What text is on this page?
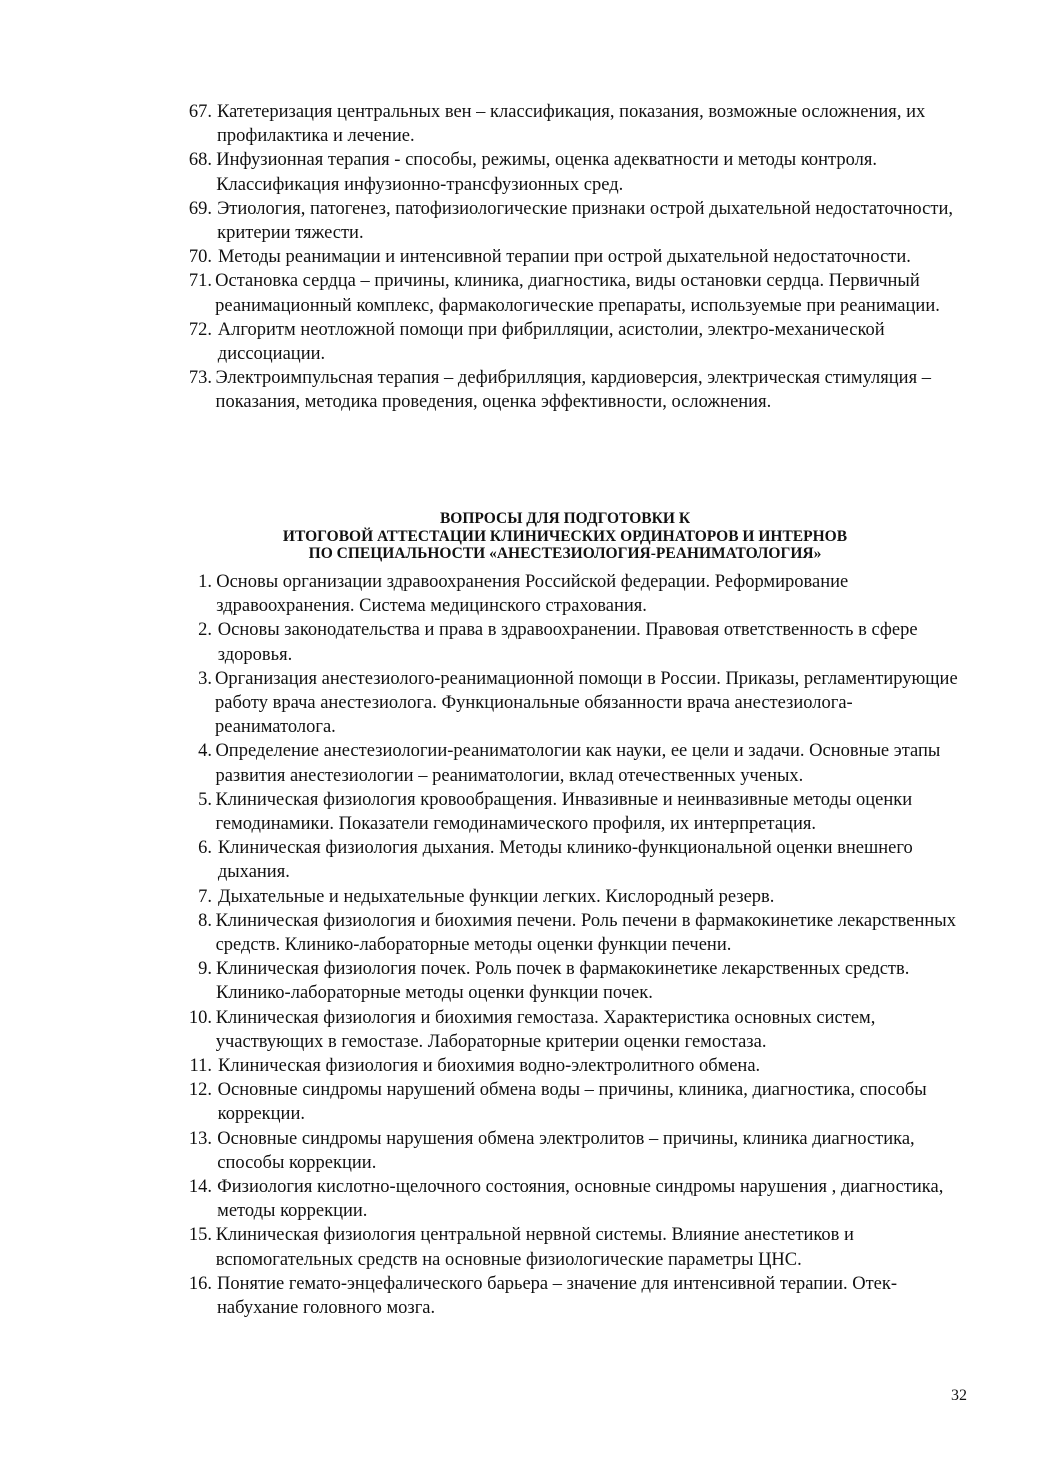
67. Катетеризация центральных вен – классификация, показания, возможные осложнения, их профилактика и лечение.
68. Инфузионная терапия - способы, режимы, оценка адекватности и методы контроля. Классификация инфузионно-трансфузионных сред.
69. Этиология, патогенез, патофизиологические признаки острой дыхательной недостаточности, критерии тяжести.
70. Методы реанимации и интенсивной терапии при острой дыхательной недостаточности.
71. Остановка сердца – причины, клиника, диагностика, виды остановки сердца. Первичный реанимационный комплекс, фармакологические препараты, используемые при реанимации.
72. Алгоритм неотложной помощи при фибрилляции, асистолии, электро-механической диссоциации.
73. Электроимпульсная терапия – дефибрилляция, кардиоверсия, электрическая стимуляция – показания, методика проведения, оценка эффективности, осложнения.
ВОПРОСЫ ДЛЯ ПОДГОТОВКИ К
ИТОГОВОЙ АТТЕСТАЦИИ КЛИНИЧЕСКИХ ОРДИНАТОРОВ И ИНТЕРНОВ
ПО СПЕЦИАЛЬНОСТИ «АНЕСТЕЗИОЛОГИЯ-РЕАНИМАТОЛОГИЯ»
1. Основы организации здравоохранения Российской федерации. Реформирование здравоохранения. Система медицинского страхования.
2. Основы законодательства и права в здравоохранении. Правовая ответственность в сфере здоровья.
3. Организация анестезиолого-реанимационной помощи в России. Приказы, регламентирующие работу врача анестезиолога. Функциональные обязанности врача анестезиолога-реаниматолога.
4. Определение анестезиологии-реаниматологии как науки, ее цели и задачи. Основные этапы развития анестезиологии – реаниматологии, вклад отечественных ученых.
5. Клиническая физиология кровообращения. Инвазивные и неинвазивные методы оценки гемодинамики. Показатели гемодинамического профиля, их интерпретация.
6. Клиническая физиология дыхания. Методы клинико-функциональной оценки внешнего дыхания.
7. Дыхательные и недыхательные функции легких. Кислородный резерв.
8. Клиническая физиология и биохимия печени. Роль печени в фармакокинетике лекарственных средств. Клинико-лабораторные методы оценки функции печени.
9. Клиническая физиология почек. Роль почек в фармакокинетике лекарственных средств. Клинико-лабораторные методы оценки функции почек.
10. Клиническая физиология и биохимия гемостаза. Характеристика основных систем, участвующих в гемостазе. Лабораторные критерии оценки гемостаза.
11. Клиническая физиология и биохимия водно-электролитного обмена.
12. Основные синдромы нарушений обмена воды – причины, клиника, диагностика, способы коррекции.
13. Основные синдромы нарушения обмена электролитов – причины, клиника диагностика, способы коррекции.
14. Физиология кислотно-щелочного состояния, основные синдромы нарушения , диагностика, методы коррекции.
15. Клиническая физиология центральной нервной системы. Влияние анестетиков и вспомогательных средств на основные физиологические параметры ЦНС.
16. Понятие гемато-энцефалического барьера – значение для интенсивной терапии. Отек-набухание головного мозга.
32
